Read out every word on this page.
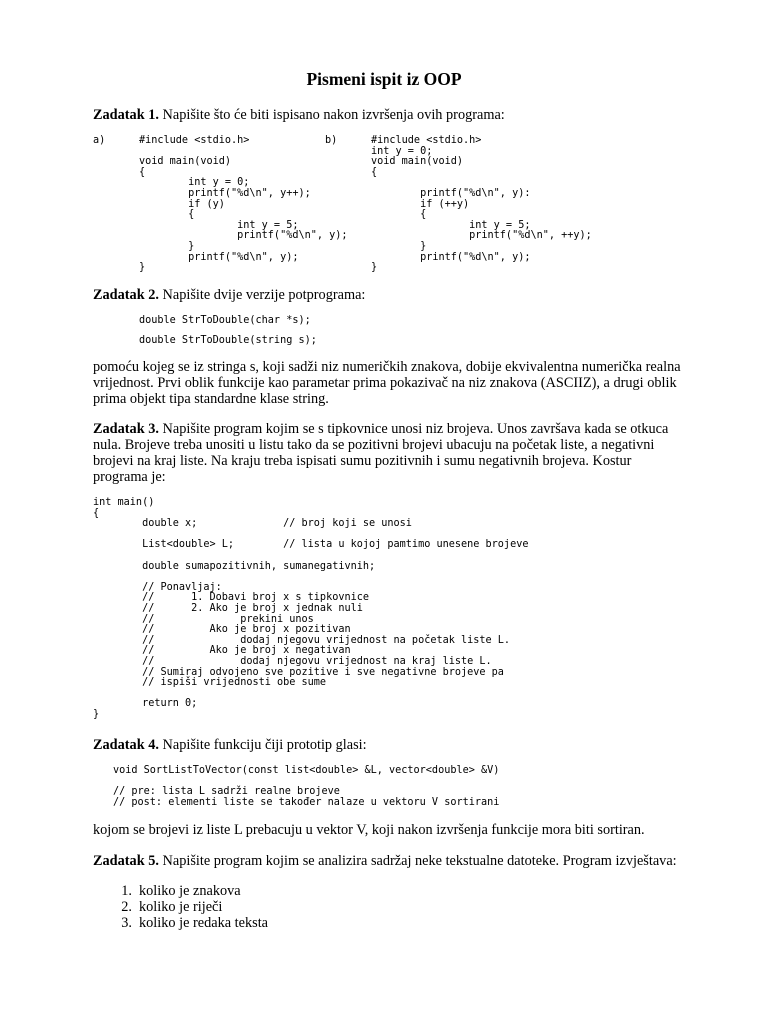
Pismeni ispit iz OOP
Zadatak 1. Napišite što će biti ispisano nakon izvršenja ovih programa:
a)	#include <stdio.h>

void main(void)
{
int y = 0;
printf("%d\n", y++);
if (y)
{
int y = 5;
printf("%d\n", y);
}
printf("%d\n", y);
}
b)	#include <stdio.h>
int y = 0;
void main(void)
{

printf("%d\n", y):
if (++y)
{
int y = 5;
printf("%d\n", ++y);
}
printf("%d\n", y);
}
Zadatak 2. Napišite dvije verzije potprograma:
double StrToDouble(char *s);
double StrToDouble(string s);
pomoću kojeg se iz stringa s, koji sadži niz numeričkih znakova, dobije ekvivalentna numerička realna vrijednost. Prvi oblik funkcije kao parametar prima pokazivač na niz znakova (ASCIIZ), a drugi oblik prima objekt tipa standardne klase string.
Zadatak 3. Napišite program kojim se s tipkovnice unosi niz brojeva. Unos završava kada se otkuca nula. Brojeve treba unositi u listu tako da se pozitivni brojevi ubacuju na početak liste, a negativni brojevi na kraj liste. Na kraju treba ispisati sumu pozitivnih i sumu negativnih brojeva. Kostur programa je:
int main()
{
double x;              // broj koji se unosi

List<double> L;        // lista u kojoj pamtimo unesene brojeve

double sumapozitivnih, sumanegativnih;

// Ponavljaj:
//      1. Dobavi broj x s tipkovnice
//      2. Ako je broj x jednak nuli
//              prekini unos
//         Ako je broj x pozitivan
//              dodaj njegovu vrijednost na početak liste L.
//         Ako je broj x negativan
//              dodaj njegovu vrijednost na kraj liste L.
// Sumiraj odvojeno sve pozitive i sve negativne brojeve pa
// ispiši vrijednosti obe sume

return 0;
}
Zadatak 4. Napišite funkciju čiji prototip glasi:
void SortListToVector(const list<double> &L, vector<double> &V)

// pre: lista L sadrži realne brojeve
// post: elementi liste se također nalaze u vektoru V sortirani
kojom se brojevi iz liste L prebacuju u vektor V, koji nakon izvršenja funkcije mora biti sortiran.
Zadatak 5. Napišite program kojim se analizira sadržaj neke tekstualne datoteke. Program izvještava:
1. koliko je znakova
2. koliko je riječi
3. koliko je redaka teksta
